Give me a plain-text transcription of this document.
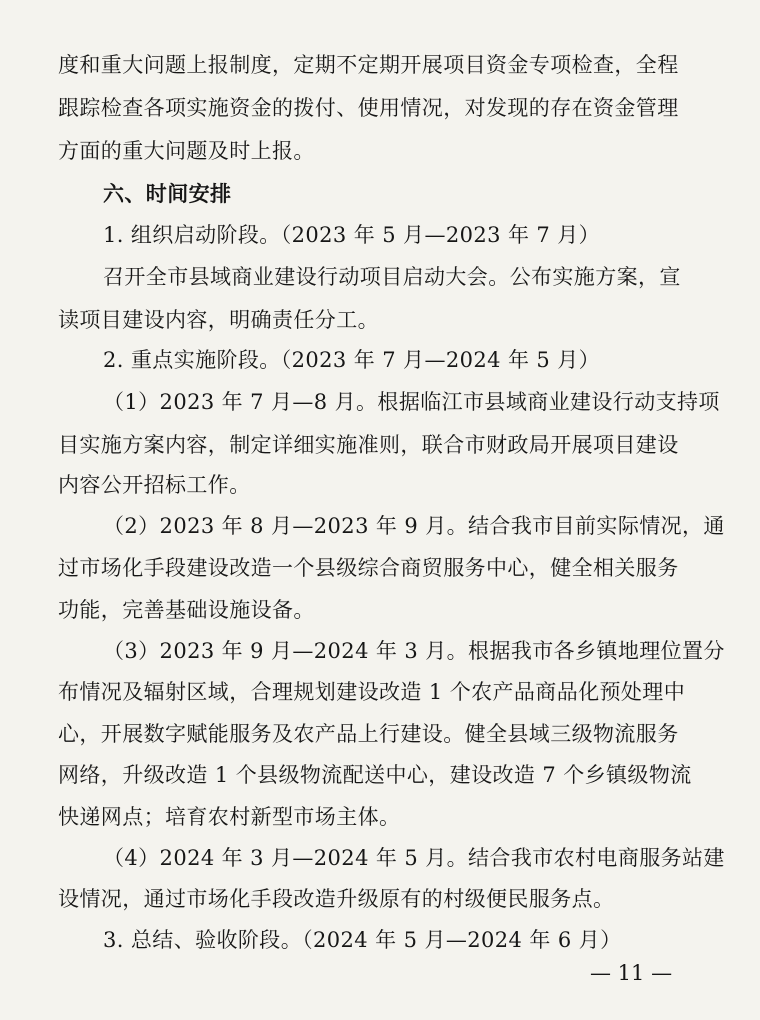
度和重大问题上报制度，定期不定期开展项目资金专项检查，全程
跟踪检查各项实施资金的拨付、使用情况，对发现的存在资金管理
方面的重大问题及时上报。
六、时间安排
1. 组织启动阶段。（2023 年 5 月—2023 年 7 月）
召开全市县域商业建设行动项目启动大会。公布实施方案，宣
读项目建设内容，明确责任分工。
2. 重点实施阶段。（2023 年 7 月—2024 年 5 月）
（1）2023 年 7 月—8 月。根据临江市县域商业建设行动支持项
目实施方案内容，制定详细实施准则，联合市财政局开展项目建设
内容公开招标工作。
（2）2023 年 8 月—2023 年 9 月。结合我市目前实际情况，通
过市场化手段建设改造一个县级综合商贸服务中心，健全相关服务
功能，完善基础设施设备。
（3）2023 年 9 月—2024 年 3 月。根据我市各乡镇地理位置分
布情况及辐射区域，合理规划建设改造 1 个农产品商品化预处理中
心，开展数字赋能服务及农产品上行建设。健全县域三级物流服务
网络，升级改造 1 个县级物流配送中心，建设改造 7 个乡镇级物流
快递网点；培育农村新型市场主体。
（4）2024 年 3 月—2024 年 5 月。结合我市农村电商服务站建
设情况，通过市场化手段改造升级原有的村级便民服务点。
3. 总结、验收阶段。（2024 年 5 月—2024 年 6 月）
— 11 —
